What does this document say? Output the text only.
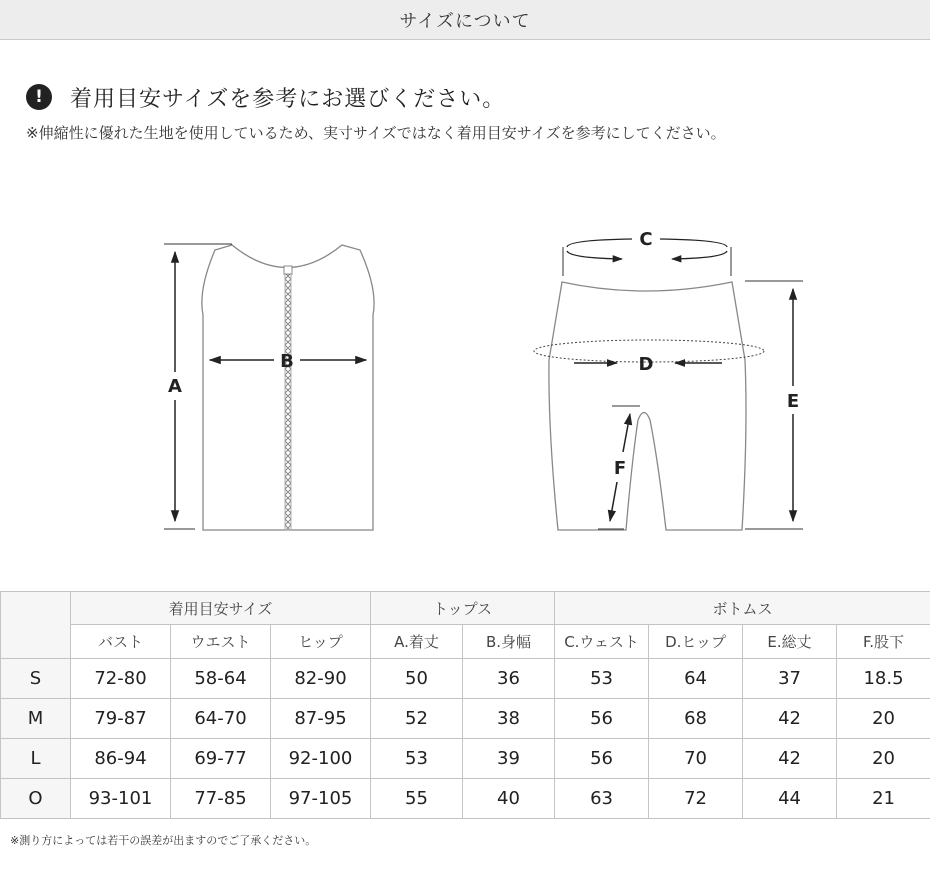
サイズについて
!	着用目安サイズを参考にお選びください。
※伸縮性に優れた生地を使用しているため、実寸サイズではなく着用目安サイズを参考にしてください。
A
B
C
D
E
F
	着用目安サイズ			トップス		ボトムス			
	バスト	ウエスト	ヒップ	A.着丈	B.身幅	C.ウェスト	D.ヒップ	E.総丈	F.股下
S	72-80	58-64	82-90	50	36	53	64	37	18.5
M	79-87	64-70	87-95	52	38	56	68	42	20
L	86-94	69-77	92-100	53	39	56	70	42	20
O	93-101	77-85	97-105	55	40	63	72	44	21
※測り方によっては若干の誤差が出ますのでご了承ください。
